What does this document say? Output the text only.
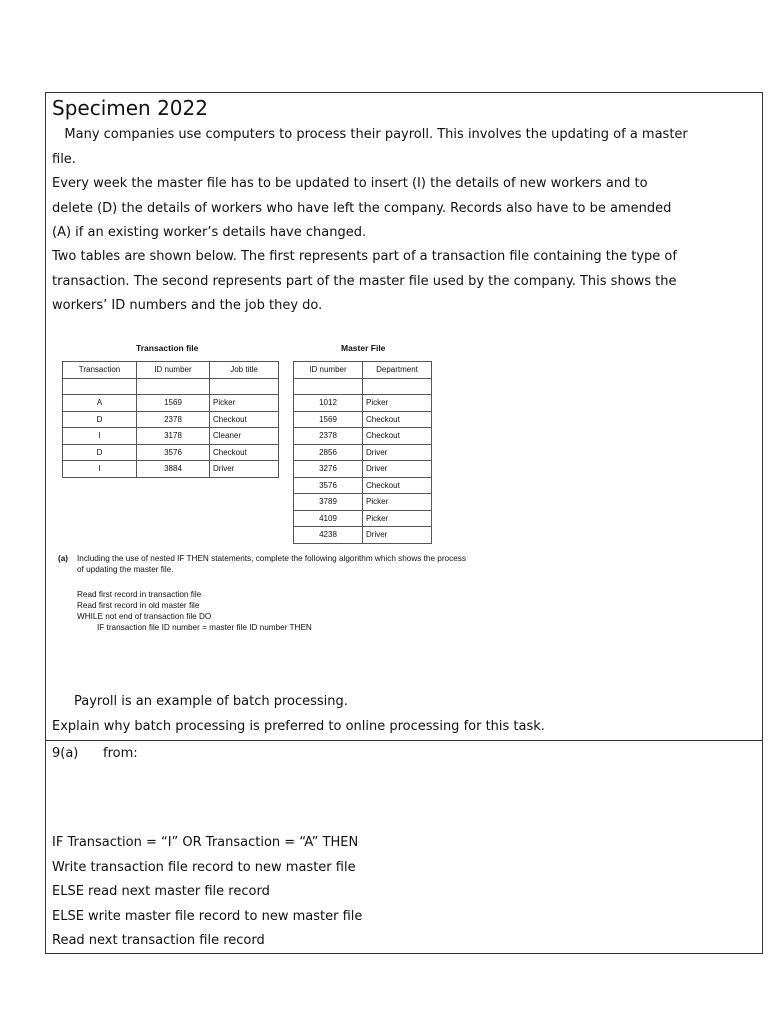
Specimen 2022

Many companies use computers to process their payroll. This involves the updating of a master file.

Every week the master file has to be updated to insert (I) the details of new workers and to delete (D) the details of workers who have left the company. Records also have to be amended (A) if an existing worker’s details have changed.

Two tables are shown below. The first represents part of a transaction file containing the type of transaction. The second represents part of the master file used by the company. This shows the workers’ ID numbers and the job they do.

Transaction file
Transaction	ID number	Job title

A	1569	Picker
D	2378	Checkout
I	3178	Cleaner
D	3576	Checkout
I	3884	Driver
Master File
ID number	Department

1012	Picker
1569	Checkout
2378	Checkout
2856	Driver
3276	Driver
3576	Checkout
3789	Picker
4109	Picker
4238	Driver
(a) Including the use of nested IF THEN statements, complete the following algorithm which shows the process of updating the master file.
Read first record in transaction file
Read first record in old master file
WHILE not end of transaction file DO
IF transaction file ID number = master file ID number THEN
Payroll is an example of batch processing.
Explain why batch processing is preferred to online processing for this task.
9(a) from:
IF Transaction = “I” OR Transaction = “A” THEN
Write transaction file record to new master file
ELSE read next master file record
ELSE write master file record to new master file
Read next transaction file record
